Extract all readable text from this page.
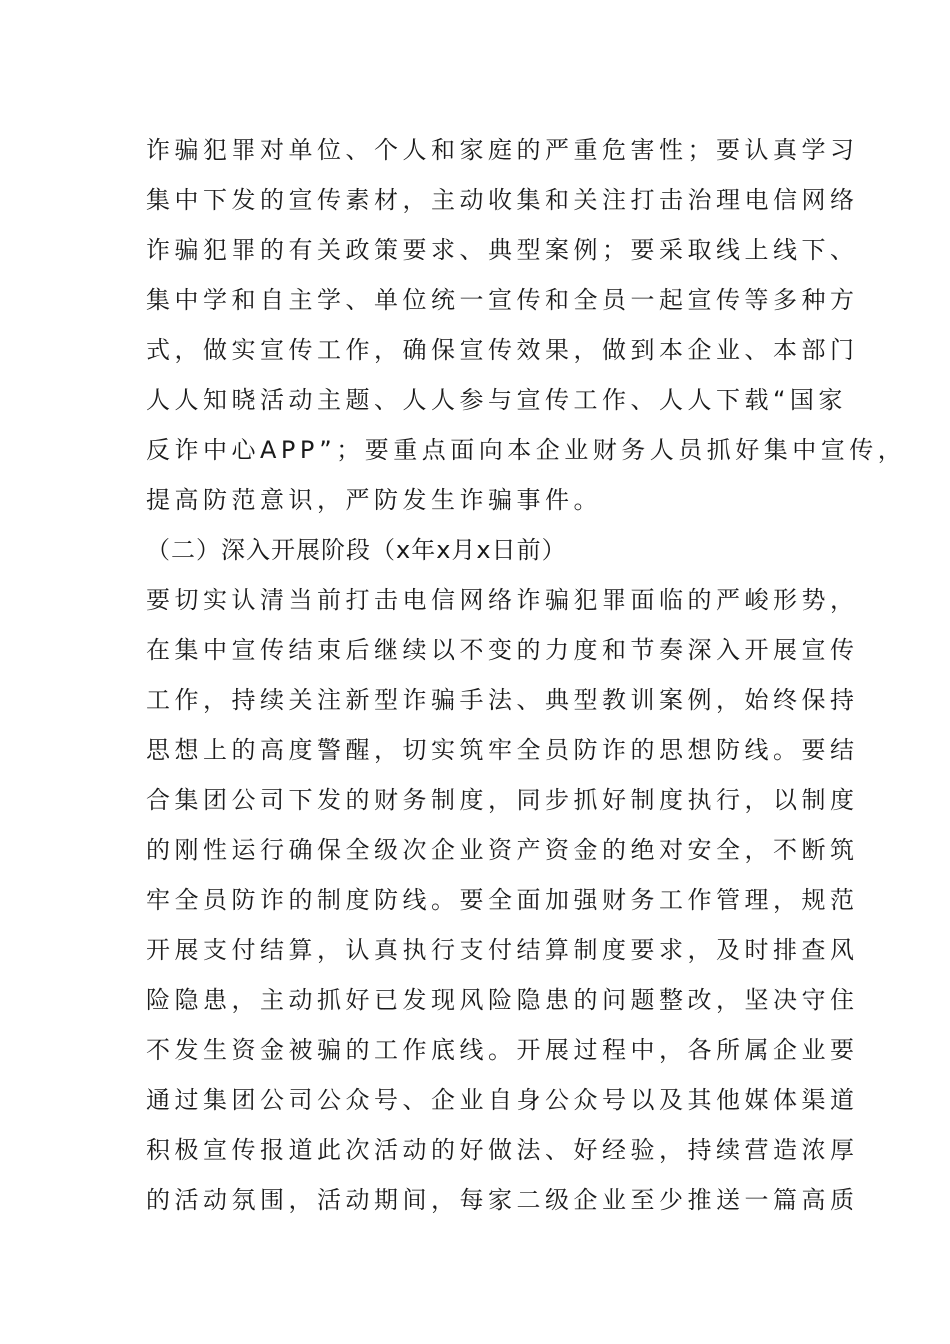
诈骗犯罪对单位、个人和家庭的严重危害性；要认真学习

集中下发的宣传素材，主动收集和关注打击治理电信网络

诈骗犯罪的有关政策要求、典型案例；要采取线上线下、

集中学和自主学、单位统一宣传和全员一起宣传等多种方

式，做实宣传工作，确保宣传效果，做到本企业、本部门

人人知晓活动主题、人人参与宣传工作、人人下载“国家

反诈中心APP”；要重点面向本企业财务人员抓好集中宣传，

提高防范意识，严防发生诈骗事件。

（二）深入开展阶段（x年x月x日前）

要切实认清当前打击电信网络诈骗犯罪面临的严峻形势，

在集中宣传结束后继续以不变的力度和节奏深入开展宣传

工作，持续关注新型诈骗手法、典型教训案例，始终保持

思想上的高度警醒，切实筑牢全员防诈的思想防线。要结

合集团公司下发的财务制度，同步抓好制度执行，以制度

的刚性运行确保全级次企业资产资金的绝对安全，不断筑

牢全员防诈的制度防线。要全面加强财务工作管理，规范

开展支付结算，认真执行支付结算制度要求，及时排查风

险隐患，主动抓好已发现风险隐患的问题整改，坚决守住

不发生资金被骗的工作底线。开展过程中，各所属企业要

通过集团公司公众号、企业自身公众号以及其他媒体渠道

积极宣传报道此次活动的好做法、好经验，持续营造浓厚

的活动氛围，活动期间，每家二级企业至少推送一篇高质
